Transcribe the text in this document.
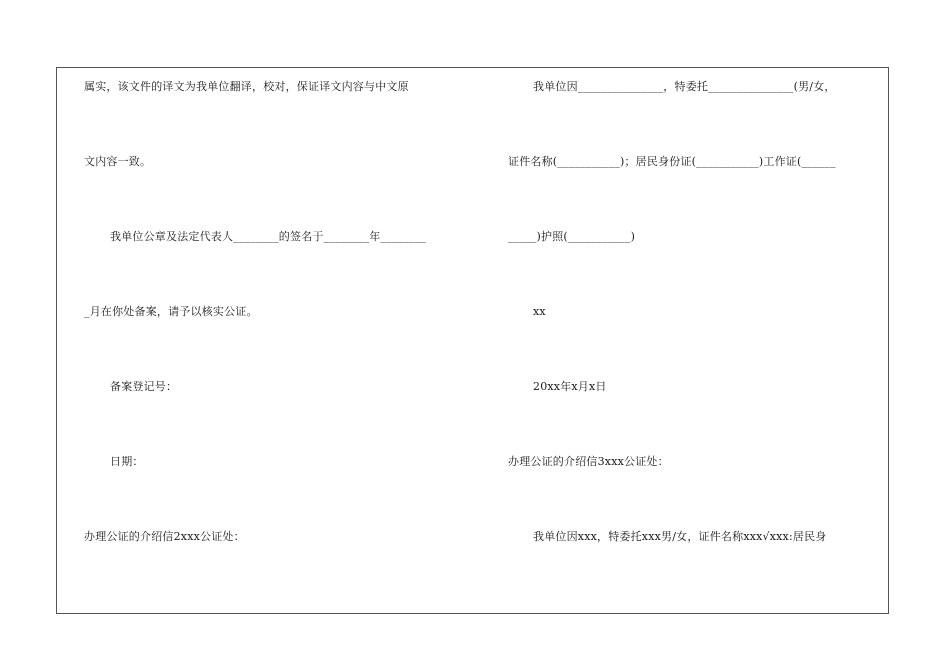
属实，该文件的译文为我单位翻译，校对，保证译文内容与中文原
文内容一致。
我单位公章及法定代表人________的签名于________年________
_月在你处备案，请予以核实公证。
备案登记号：
日期：
办理公证的介绍信2xxx公证处：
我单位因_______________，特委托_______________(男/女，
证件名称(___________)；居民身份证(___________)工作证(______
_____)护照(___________)
xx
20xx年x月x日
办理公证的介绍信3xxx公证处：
我单位因xxx，特委托xxx男/女，证件名称xxx√xxx:居民身
